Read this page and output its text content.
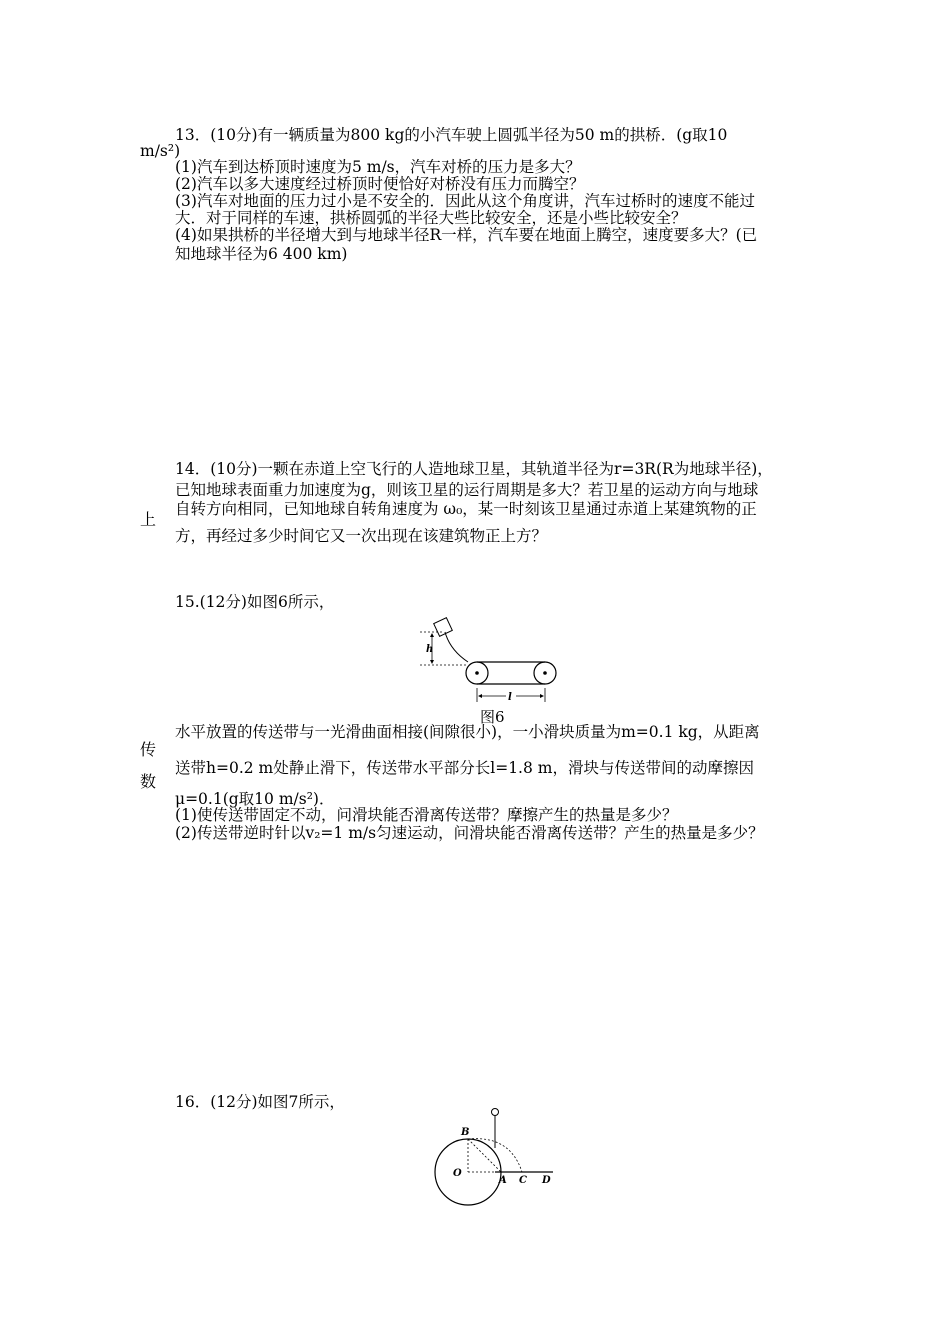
13．(10分)有一辆质量为800 kg的小汽车驶上圆弧半径为50 m的拱桥．(g取10
m/s²)
(1)汽车到达桥顶时速度为5 m/s，汽车对桥的压力是多大？
(2)汽车以多大速度经过桥顶时便恰好对桥没有压力而腾空？
(3)汽车对地面的压力过小是不安全的．因此从这个角度讲，汽车过桥时的速度不能过
大．对于同样的车速，拱桥圆弧的半径大些比较安全，还是小些比较安全？
(4)如果拱桥的半径增大到与地球半径R一样，汽车要在地面上腾空，速度要多大？(已
知地球半径为6 400 km)
14．(10分)一颗在赤道上空飞行的人造地球卫星，其轨道半径为r=3R(R为地球半径)，
已知地球表面重力加速度为g，则该卫星的运行周期是多大？若卫星的运动方向与地球
自转方向相同，已知地球自转角速度为 ω₀，某一时刻该卫星通过赤道上某建筑物的正
上
方，再经过多少时间它又一次出现在该建筑物正上方？
15.(12分)如图6所示，
h
l
图6
水平放置的传送带与一光滑曲面相接(间隙很小)，一小滑块质量为m=0.1 kg，从距离
传
送带h=0.2 m处静止滑下，传送带水平部分长l=1.8 m，滑块与传送带间的动摩擦因
数
μ=0.1(g取10 m/s²)．
(1)使传送带固定不动，问滑块能否滑离传送带？摩擦产生的热量是多少？
(2)传送带逆时针以v₂=1 m/s匀速运动，问滑块能否滑离传送带？产生的热量是多少？
16．(12分)如图7所示，
B
O
A C D
